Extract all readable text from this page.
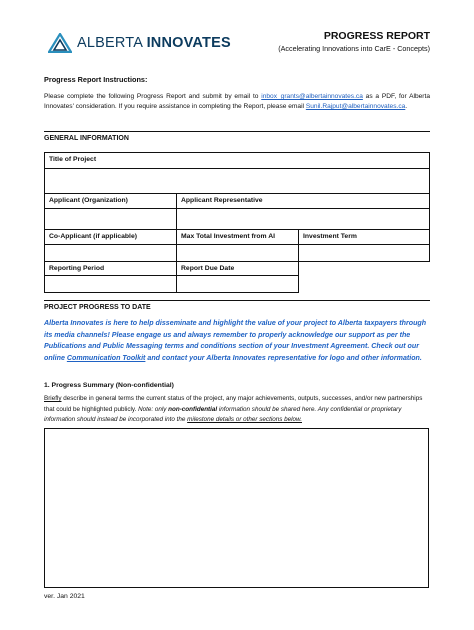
ALBERTA INNOVATES	PROGRESS REPORT
(Accelerating Innovations into CarE - Concepts)
Progress Report Instructions:
Please complete the following Progress Report and submit by email to inbox_grants@albertainnovates.ca as a PDF, for Alberta Innovates' consideration. If you require assistance in completing the Report, please email Sunil.Rajput@albertainnovates.ca.
GENERAL INFORMATION
Title of Project		

Applicant (Organization)	Applicant Representative	

Co-Applicant (if applicable)	Max Total Investment from AI	Investment Term

Reporting Period	Report Due Date	

PROJECT PROGRESS TO DATE
Alberta Innovates is here to help disseminate and highlight the value of your project to Alberta taxpayers through its media channels! Please engage us and always remember to properly acknowledge our support as per the Publications and Public Messaging terms and conditions section of your Investment Agreement. Check out our online Communication Toolkit and contact your Alberta Innovates representative for logo and other information.
1. Progress Summary (Non-confidential)
Briefly describe in general terms the current status of the project, any major achievements, outputs, successes, and/or new partnerships that could be highlighted publicly. Note: only non-confidential information should be shared here. Any confidential or proprietary information should instead be incorporated into the milestone details or other sections below.
ver. Jan 2021
